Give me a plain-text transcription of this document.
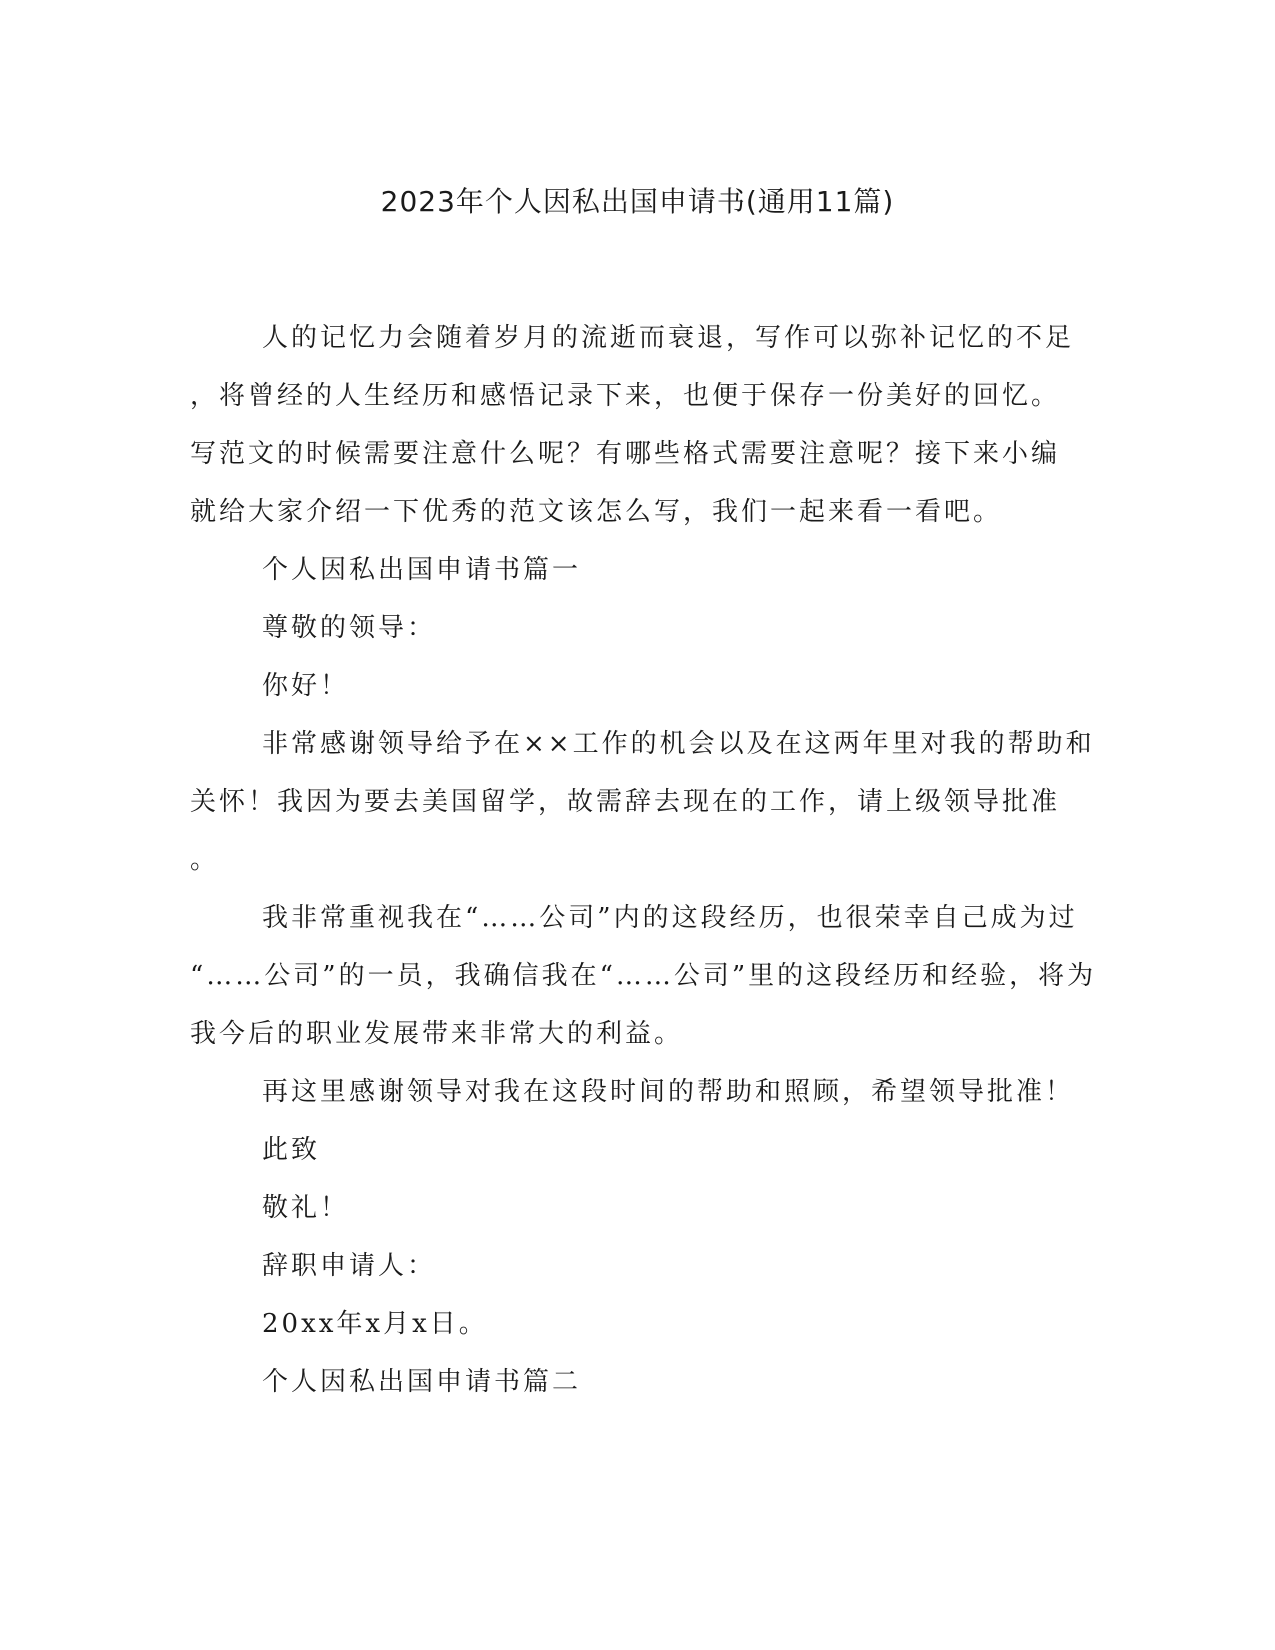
2023年个人因私出国申请书(通用11篇)
人的记忆力会随着岁月的流逝而衰退，写作可以弥补记忆的不足
，将曾经的人生经历和感悟记录下来，也便于保存一份美好的回忆。
写范文的时候需要注意什么呢？有哪些格式需要注意呢？接下来小编
就给大家介绍一下优秀的范文该怎么写，我们一起来看一看吧。
个人因私出国申请书篇一
尊敬的领导：
你好！
非常感谢领导给予在××工作的机会以及在这两年里对我的帮助和
关怀！我因为要去美国留学，故需辞去现在的工作，请上级领导批准
。
我非常重视我在“……公司”内的这段经历，也很荣幸自己成为过
“……公司”的一员，我确信我在“……公司”里的这段经历和经验，将为
我今后的职业发展带来非常大的利益。
再这里感谢领导对我在这段时间的帮助和照顾，希望领导批准！
此致
敬礼！
辞职申请人：
20xx年x月x日。
个人因私出国申请书篇二
